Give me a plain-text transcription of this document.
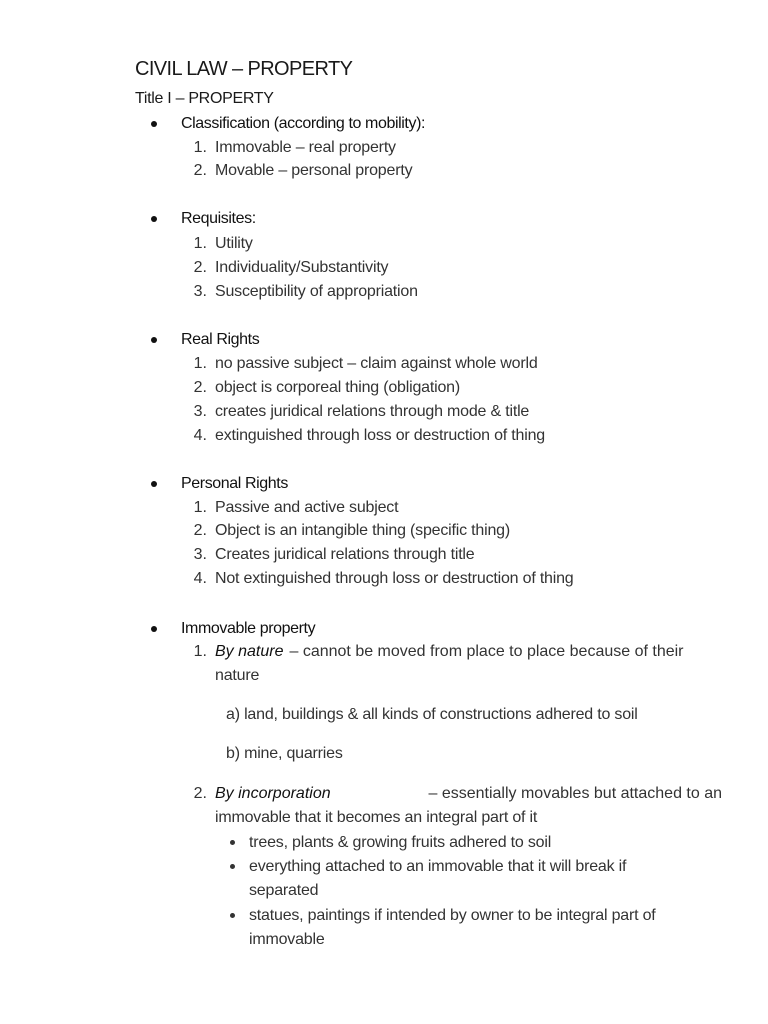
CIVIL LAW – PROPERTY
Title I – PROPERTY
Classification (according to mobility):
1. Immovable – real property
2. Movable – personal property
Requisites:
1. Utility
2. Individuality/Substantivity
3. Susceptibility of appropriation
Real Rights
1. no passive subject – claim against whole world
2. object is corporeal thing (obligation)
3. creates juridical relations through mode & title
4. extinguished through loss or destruction of thing
Personal Rights
1. Passive and active subject
2. Object is an intangible thing (specific thing)
3. Creates juridical relations through title
4. Not extinguished through loss or destruction of thing
Immovable property
1. By nature – cannot be moved from place to place because of their
nature
a) land, buildings & all kinds of constructions adhered to soil
b) mine, quarries
2. By incorporation	– essentially movables but attached to an
immovable that it becomes an integral part of it
trees, plants & growing fruits adhered to soil
everything attached to an immovable that it will break if
separated
statues, paintings if intended by owner to be integral part of
immovable
